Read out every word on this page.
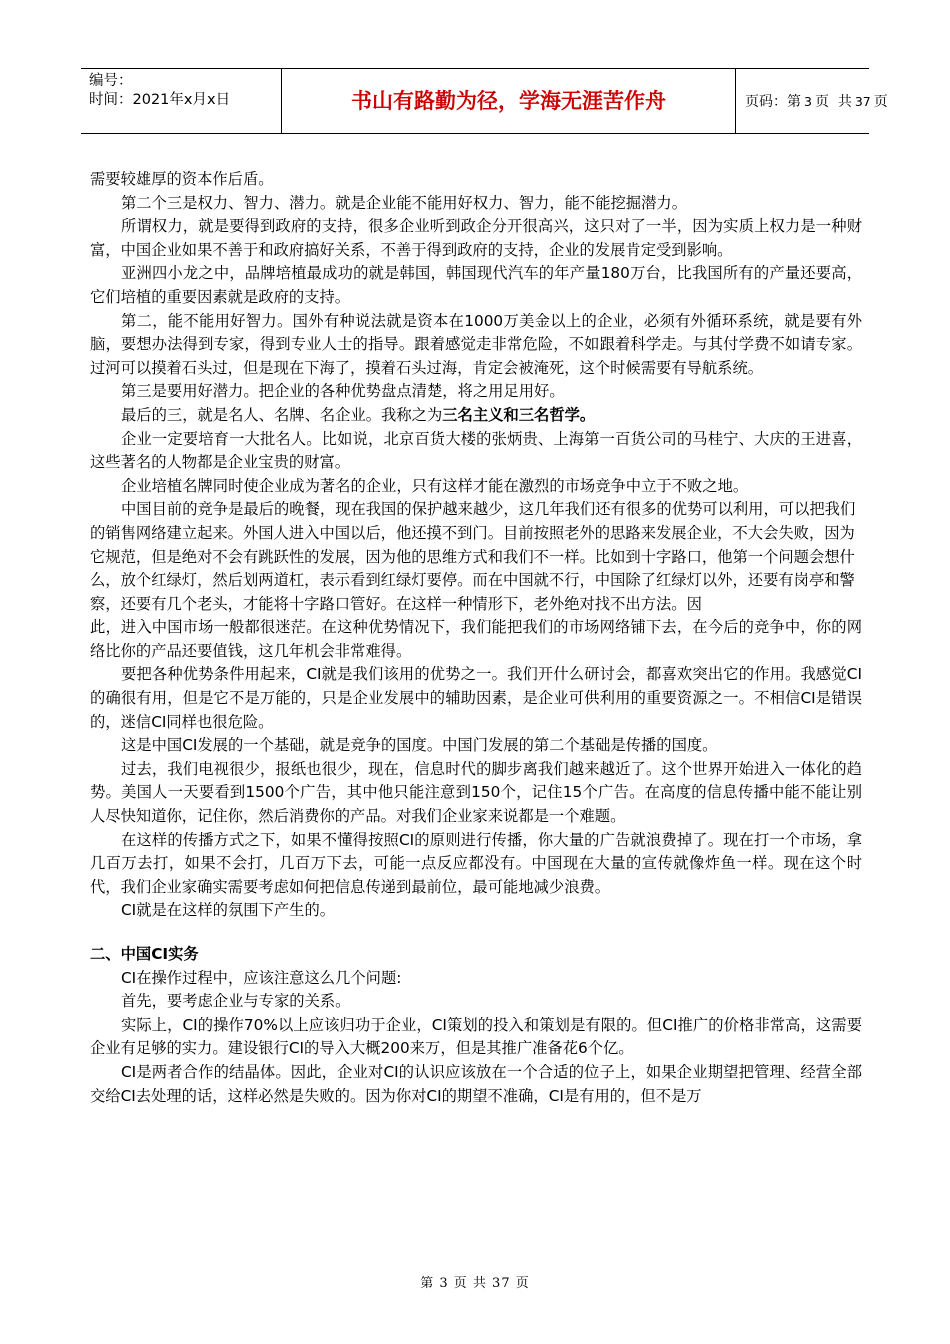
编号：
时间：2021年x月x日	书山有路勤为径，学海无涯苦作舟	页码：第 3 页  共 37 页

需要较雄厚的资本作后盾。

第二个三是权力、智力、潜力。就是企业能不能用好权力、智力，能不能挖掘潜力。

所谓权力，就是要得到政府的支持，很多企业听到政企分开很高兴，这只对了一半，因为实质上权力是一种财富，中国企业如果不善于和政府搞好关系，不善于得到政府的支持，企业的发展肯定受到影响。

亚洲四小龙之中，品牌培植最成功的就是韩国，韩国现代汽车的年产量180万台，比我国所有的产量还要高，它们培植的重要因素就是政府的支持。

第二，能不能用好智力。国外有种说法就是资本在1000万美金以上的企业，必须有外循环系统，就是要有外脑，要想办法得到专家，得到专业人士的指导。跟着感觉走非常危险，不如跟着科学走。与其付学费不如请专家。过河可以摸着石头过，但是现在下海了，摸着石头过海，肯定会被淹死，这个时候需要有导航系统。

第三是要用好潜力。把企业的各种优势盘点清楚，将之用足用好。

最后的三，就是名人、名牌、名企业。我称之为三名主义和三名哲学。

企业一定要培育一大批名人。比如说，北京百货大楼的张炳贵、上海第一百货公司的马桂宁、大庆的王进喜，这些著名的人物都是企业宝贵的财富。

企业培植名牌同时使企业成为著名的企业，只有这样才能在激烈的市场竞争中立于不败之地。

中国目前的竞争是最后的晚餐，现在我国的保护越来越少，这几年我们还有很多的优势可以利用，可以把我们的销售网络建立起来。外国人进入中国以后，他还摸不到门。目前按照老外的思路来发展企业，不大会失败，因为它规范，但是绝对不会有跳跃性的发展，因为他的思维方式和我们不一样。比如到十字路口，他第一个问题会想什么，放个红绿灯，然后划两道杠，表示看到红绿灯要停。而在中国就不行，中国除了红绿灯以外，还要有岗亭和警察，还要有几个老头，才能将十字路口管好。在这样一种情形下，老外绝对找不出方法。因

此，进入中国市场一般都很迷茫。在这种优势情况下，我们能把我们的市场网络铺下去，在今后的竞争中，你的网络比你的产品还要值钱，这几年机会非常难得。

要把各种优势条件用起来，CI就是我们该用的优势之一。我们开什么研讨会，都喜欢突出它的作用。我感觉CI的确很有用，但是它不是万能的，只是企业发展中的辅助因素，是企业可供利用的重要资源之一。不相信CI是错误的，迷信CI同样也很危险。

这是中国CI发展的一个基础，就是竞争的国度。中国门发展的第二个基础是传播的国度。

过去，我们电视很少，报纸也很少，现在，信息时代的脚步离我们越来越近了。这个世界开始进入一体化的趋势。美国人一天要看到1500个广告，其中他只能注意到150个，记住15个广告。在高度的信息传播中能不能让别人尽快知道你，记住你，然后消费你的产品。对我们企业家来说都是一个难题。

在这样的传播方式之下，如果不懂得按照CI的原则进行传播，你大量的广告就浪费掉了。现在打一个市场，拿几百万去打，如果不会打，几百万下去，可能一点反应都没有。中国现在大量的宣传就像炸鱼一样。现在这个时代，我们企业家确实需要考虑如何把信息传递到最前位，最可能地减少浪费。

CI就是在这样的氛围下产生的。

二、中国CI实务

CI在操作过程中，应该注意这么几个问题:

首先，要考虑企业与专家的关系。

实际上，CI的操作70%以上应该归功于企业，CI策划的投入和策划是有限的。但CI推广的价格非常高，这需要企业有足够的实力。建设银行CI的导入大概200来万，但是其推广准备花6个亿。

CI是两者合作的结晶体。因此，企业对CI的认识应该放在一个合适的位子上，如果企业期望把管理、经营全部交给CI去处理的话，这样必然是失败的。因为你对CI的期望不准确，CI是有用的，但不是万

第 3 页 共 37 页
